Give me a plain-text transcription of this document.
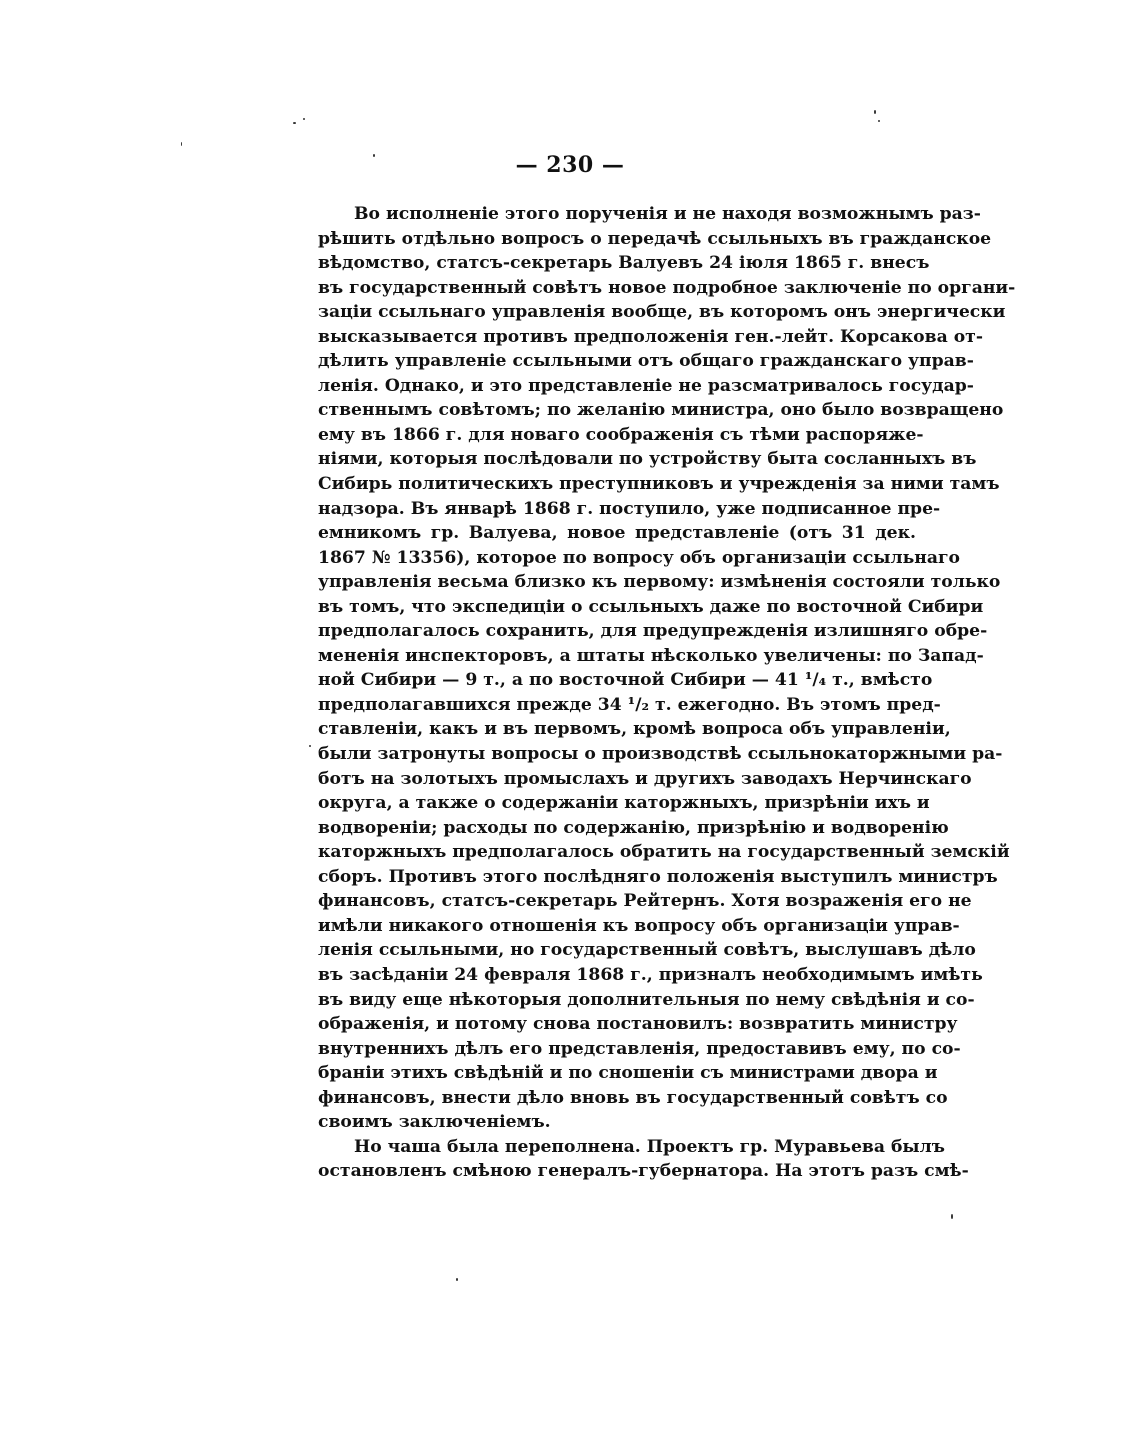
— 230 —
Во исполненіе этого порученія и не находя возможнымъ раз-
рѣшить отдѣльно вопросъ о передачѣ ссыльныхъ въ гражданское
вѣдомство, статсъ-секретарь Валуевъ 24 іюля 1865 г. внесъ
въ государственный совѣтъ новое подробное заключеніе по органи-
заціи ссыльнаго управленія вообще, въ которомъ онъ энергически
высказывается противъ предположенія ген.-лейт. Корсакова от-
дѣлить управленіе ссыльными отъ общаго гражданскаго управ-
ленія. Однако, и это представленіе не разсматривалось государ-
ственнымъ совѣтомъ; по желанію министра, оно было возвращено
ему въ 1866 г. для новаго соображенія съ тѣми распоряже-
ніями, которыя послѣдовали по устройству быта сосланныхъ въ
Сибирь политическихъ преступниковъ и учрежденія за ними тамъ
надзора. Въ январѣ 1868 г. поступило, уже подписанное пре-
емникомъ гр. Валуева, новое представленіе (отъ 31 дек.
1867 № 13356), которое по вопросу объ организаціи ссыльнаго
управленія весьма близко къ первому: измѣненія состояли только
въ томъ, что экспедиціи о ссыльныхъ даже по восточной Сибири
предполагалось сохранить, для предупрежденія излишняго обре-
мененія инспекторовъ, а штаты нѣсколько увеличены: по Запад-
ной Сибири — 9 т., а по восточной Сибири — 41 ¹/₄ т., вмѣсто
предполагавшихся прежде 34 ¹/₂ т. ежегодно. Въ этомъ пред-
ставленіи, какъ и въ первомъ, кромѣ вопроса объ управленіи,
были затронуты вопросы о производствѣ ссыльнокаторжными ра-
ботъ на золотыхъ промыслахъ и другихъ заводахъ Нерчинскаго
округа, а также о содержаніи каторжныхъ, призрѣніи ихъ и
водвореніи; расходы по содержанію, призрѣнію и водворенію
каторжныхъ предполагалось обратить на государственный земскій
сборъ. Противъ этого послѣдняго положенія выступилъ министръ
финансовъ, статсъ-секретарь Рейтернъ. Хотя возраженія его не
имѣли никакого отношенія къ вопросу объ организаціи управ-
ленія ссыльными, но государственный совѣтъ, выслушавъ дѣло
въ засѣданіи 24 февраля 1868 г., призналъ необходимымъ имѣть
въ виду еще нѣкоторыя дополнительныя по нему свѣдѣнія и со-
ображенія, и потому снова постановилъ: возвратить министру
внутреннихъ дѣлъ его представленія, предоставивъ ему, по со-
браніи этихъ свѣдѣній и по сношеніи съ министрами двора и
финансовъ, внести дѣло вновь въ государственный совѣтъ со
своимъ заключеніемъ.
Но чаша была переполнена. Проектъ гр. Муравьева былъ
остановленъ смѣною генералъ-губернатора. На этотъ разъ смѣ-
